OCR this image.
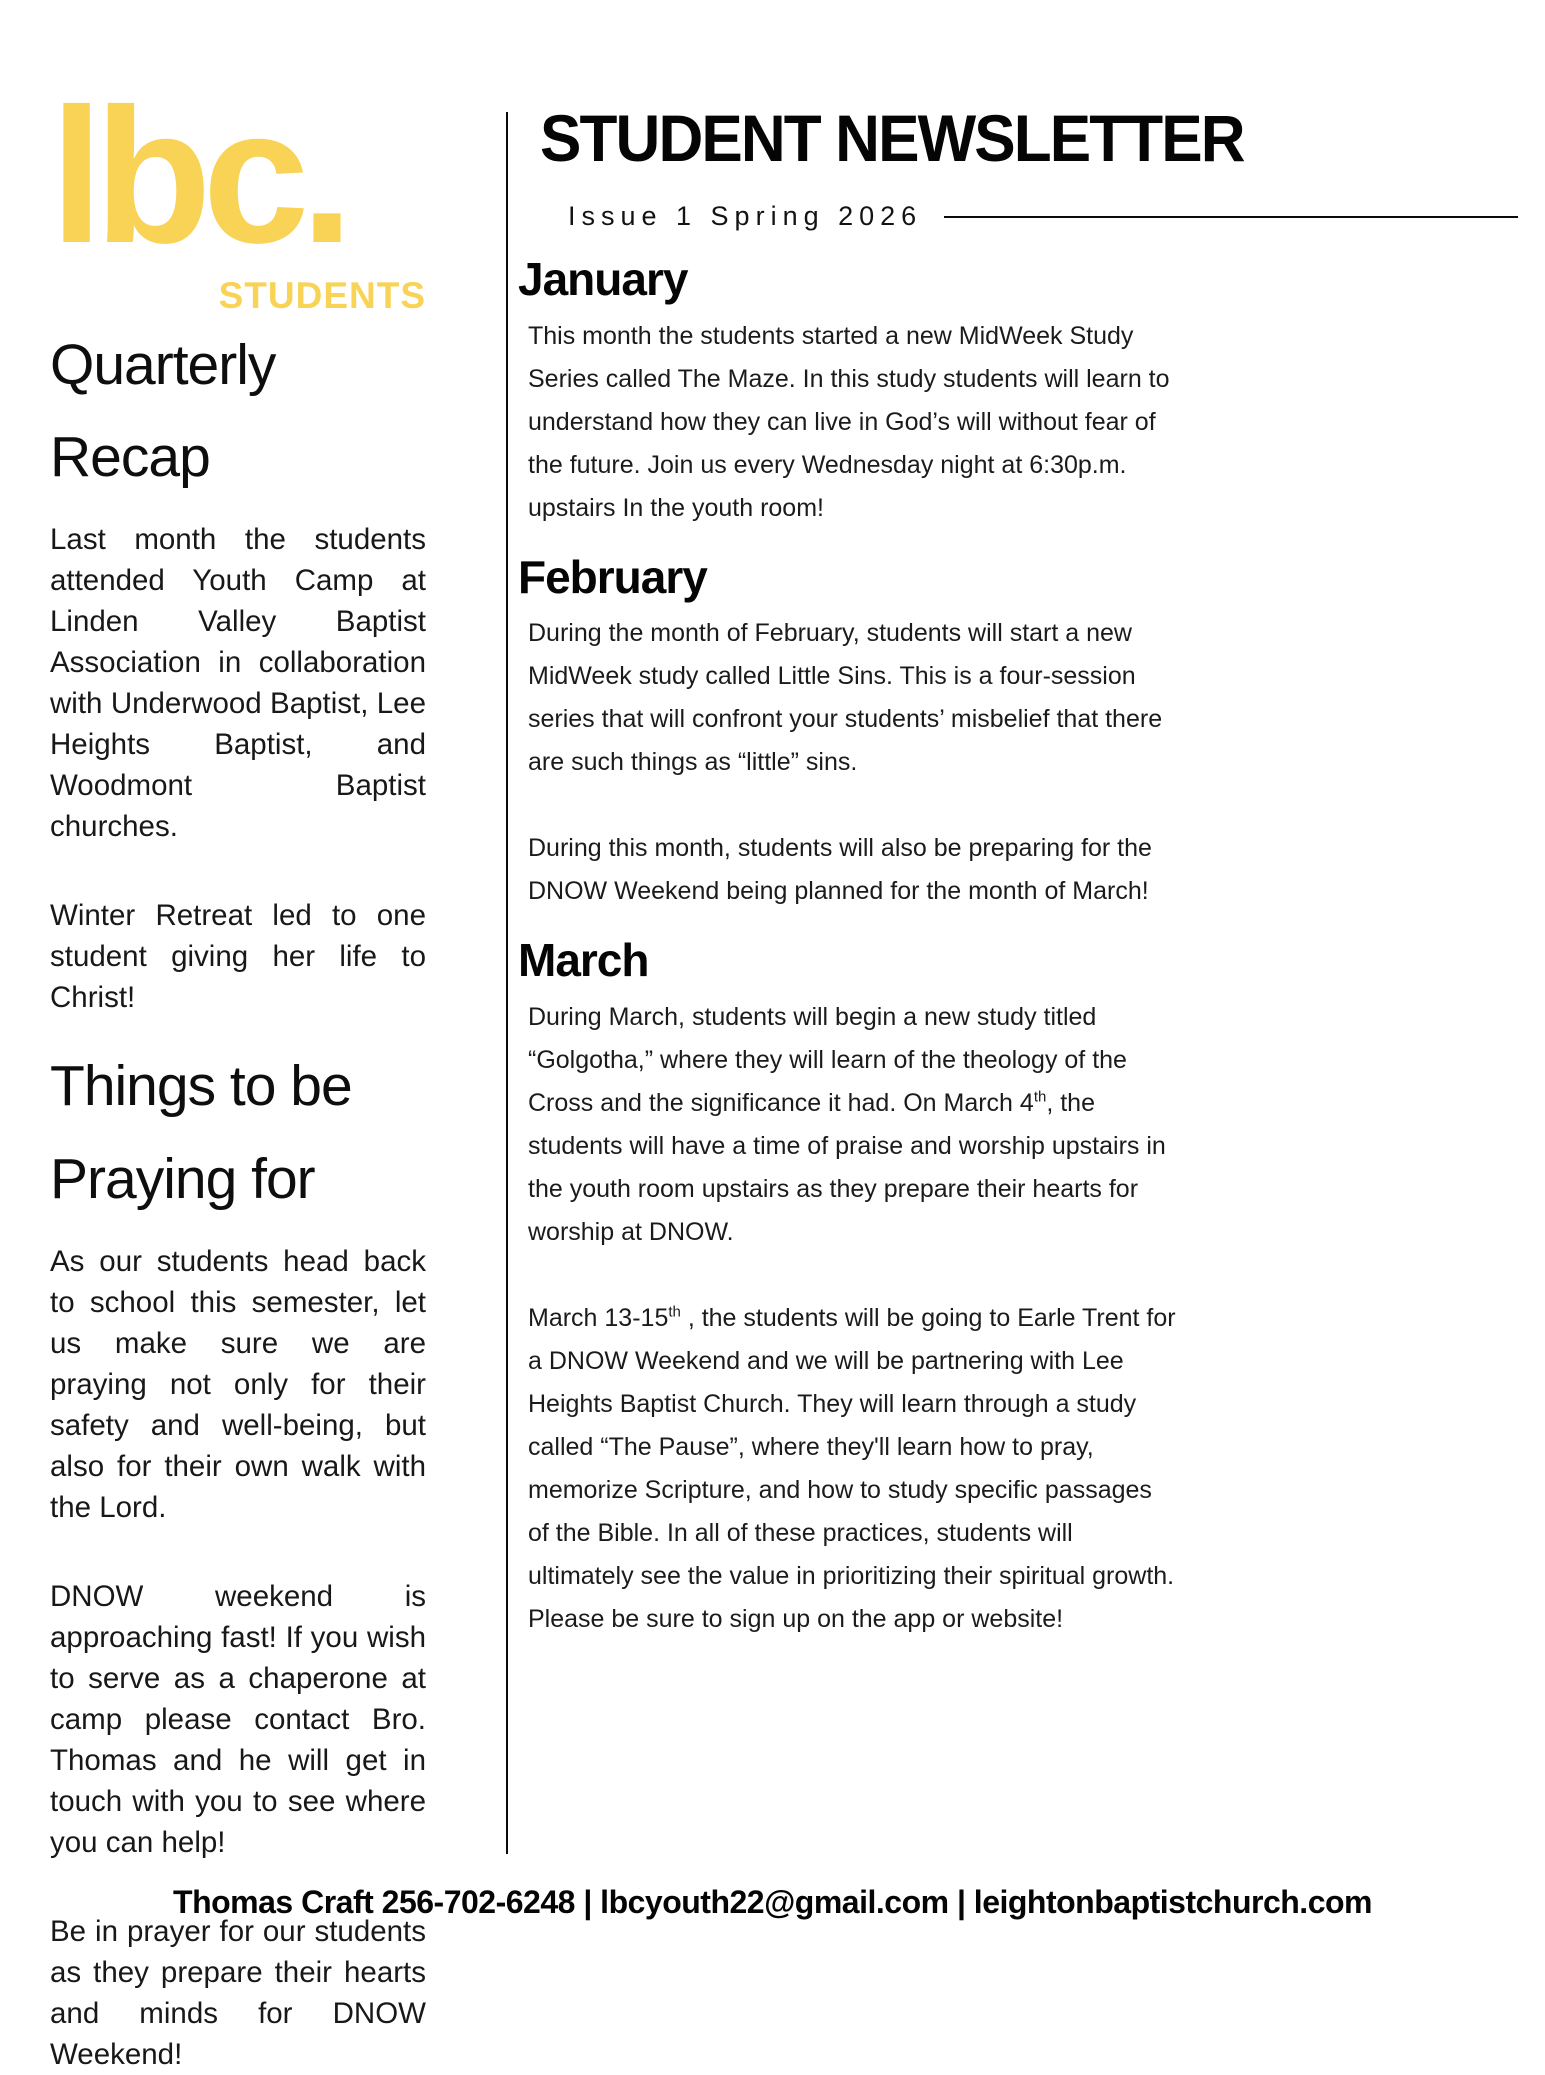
lbc.
STUDENTS
Quarterly
Recap

Last month the students attended Youth Camp at Linden Valley Baptist Association in collaboration with Underwood Baptist, Lee Heights Baptist, and Woodmont Baptist churches.

Winter Retreat led to one student giving her life to Christ!

Things to be
Praying for

As our students head back to school this semester, let us make sure we are praying not only for their safety and well-being, but also for their own walk with the Lord.

DNOW weekend is approaching fast! If you wish to serve as a chaperone at camp please contact Bro. Thomas and he will get in touch with you to see where you can help!

Be in prayer for our students as they prepare their hearts and minds for DNOW Weekend!

STUDENT NEWSLETTER
Issue 1 Spring 2026
January

This month the students started a new MidWeek Study Series called The Maze. In this study students will learn to understand how they can live in God’s will without fear of the future. Join us every Wednesday night at 6:30p.m. upstairs In the youth room!

February

During the month of February, students will start a new MidWeek study called Little Sins. This is a four-session series that will confront your students’ misbelief that there are such things as “little” sins.

During this month, students will also be preparing for the DNOW Weekend being planned for the month of March!

March

During March, students will begin a new study titled “Golgotha,” where they will learn of the theology of the Cross and the significance it had. On March 4th, the students will have a time of praise and worship upstairs in the youth room upstairs as they prepare their hearts for worship at DNOW.

March 13-15th , the students will be going to Earle Trent for a DNOW Weekend and we will be partnering with Lee Heights Baptist Church. They will learn through a study called “The Pause”, where they'll learn how to pray, memorize Scripture, and how to study specific passages of the Bible. In all of these practices, students will ultimately see the value in prioritizing their spiritual growth. Please be sure to sign up on the app or website!

Thomas Craft 256-702-6248 | lbcyouth22@gmail.com | leightonbaptistchurch.com
